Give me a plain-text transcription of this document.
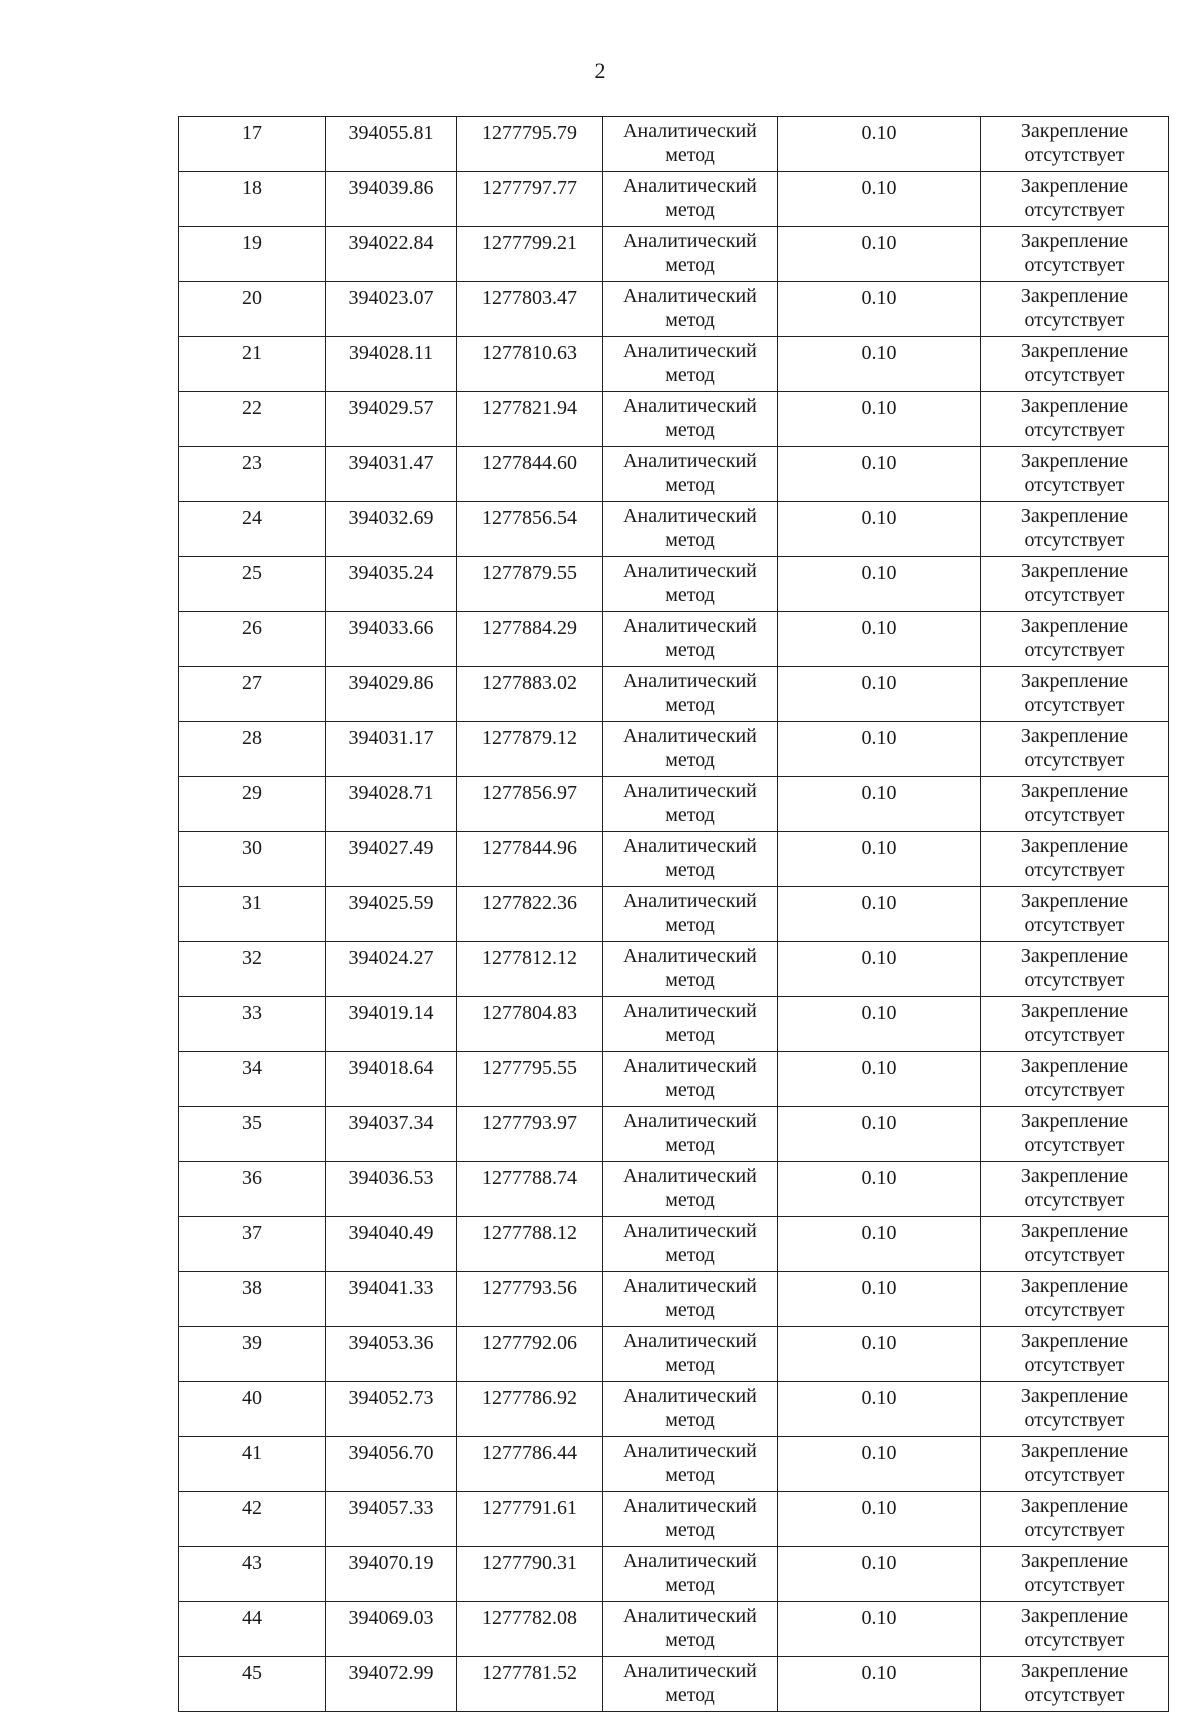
2
17	394055.81	1277795.79	Аналитический
метод	0.10	Закрепление
отсутствует

18	394039.86	1277797.77	Аналитический
метод	0.10	Закрепление
отсутствует

19	394022.84	1277799.21	Аналитический
метод	0.10	Закрепление
отсутствует

20	394023.07	1277803.47	Аналитический
метод	0.10	Закрепление
отсутствует

21	394028.11	1277810.63	Аналитический
метод	0.10	Закрепление
отсутствует

22	394029.57	1277821.94	Аналитический
метод	0.10	Закрепление
отсутствует

23	394031.47	1277844.60	Аналитический
метод	0.10	Закрепление
отсутствует

24	394032.69	1277856.54	Аналитический
метод	0.10	Закрепление
отсутствует

25	394035.24	1277879.55	Аналитический
метод	0.10	Закрепление
отсутствует

26	394033.66	1277884.29	Аналитический
метод	0.10	Закрепление
отсутствует

27	394029.86	1277883.02	Аналитический
метод	0.10	Закрепление
отсутствует

28	394031.17	1277879.12	Аналитический
метод	0.10	Закрепление
отсутствует

29	394028.71	1277856.97	Аналитический
метод	0.10	Закрепление
отсутствует

30	394027.49	1277844.96	Аналитический
метод	0.10	Закрепление
отсутствует

31	394025.59	1277822.36	Аналитический
метод	0.10	Закрепление
отсутствует

32	394024.27	1277812.12	Аналитический
метод	0.10	Закрепление
отсутствует

33	394019.14	1277804.83	Аналитический
метод	0.10	Закрепление
отсутствует

34	394018.64	1277795.55	Аналитический
метод	0.10	Закрепление
отсутствует

35	394037.34	1277793.97	Аналитический
метод	0.10	Закрепление
отсутствует

36	394036.53	1277788.74	Аналитический
метод	0.10	Закрепление
отсутствует

37	394040.49	1277788.12	Аналитический
метод	0.10	Закрепление
отсутствует

38	394041.33	1277793.56	Аналитический
метод	0.10	Закрепление
отсутствует

39	394053.36	1277792.06	Аналитический
метод	0.10	Закрепление
отсутствует

40	394052.73	1277786.92	Аналитический
метод	0.10	Закрепление
отсутствует

41	394056.70	1277786.44	Аналитический
метод	0.10	Закрепление
отсутствует

42	394057.33	1277791.61	Аналитический
метод	0.10	Закрепление
отсутствует

43	394070.19	1277790.31	Аналитический
метод	0.10	Закрепление
отсутствует

44	394069.03	1277782.08	Аналитический
метод	0.10	Закрепление
отсутствует

45	394072.99	1277781.52	Аналитический
метод	0.10	Закрепление
отсутствует
